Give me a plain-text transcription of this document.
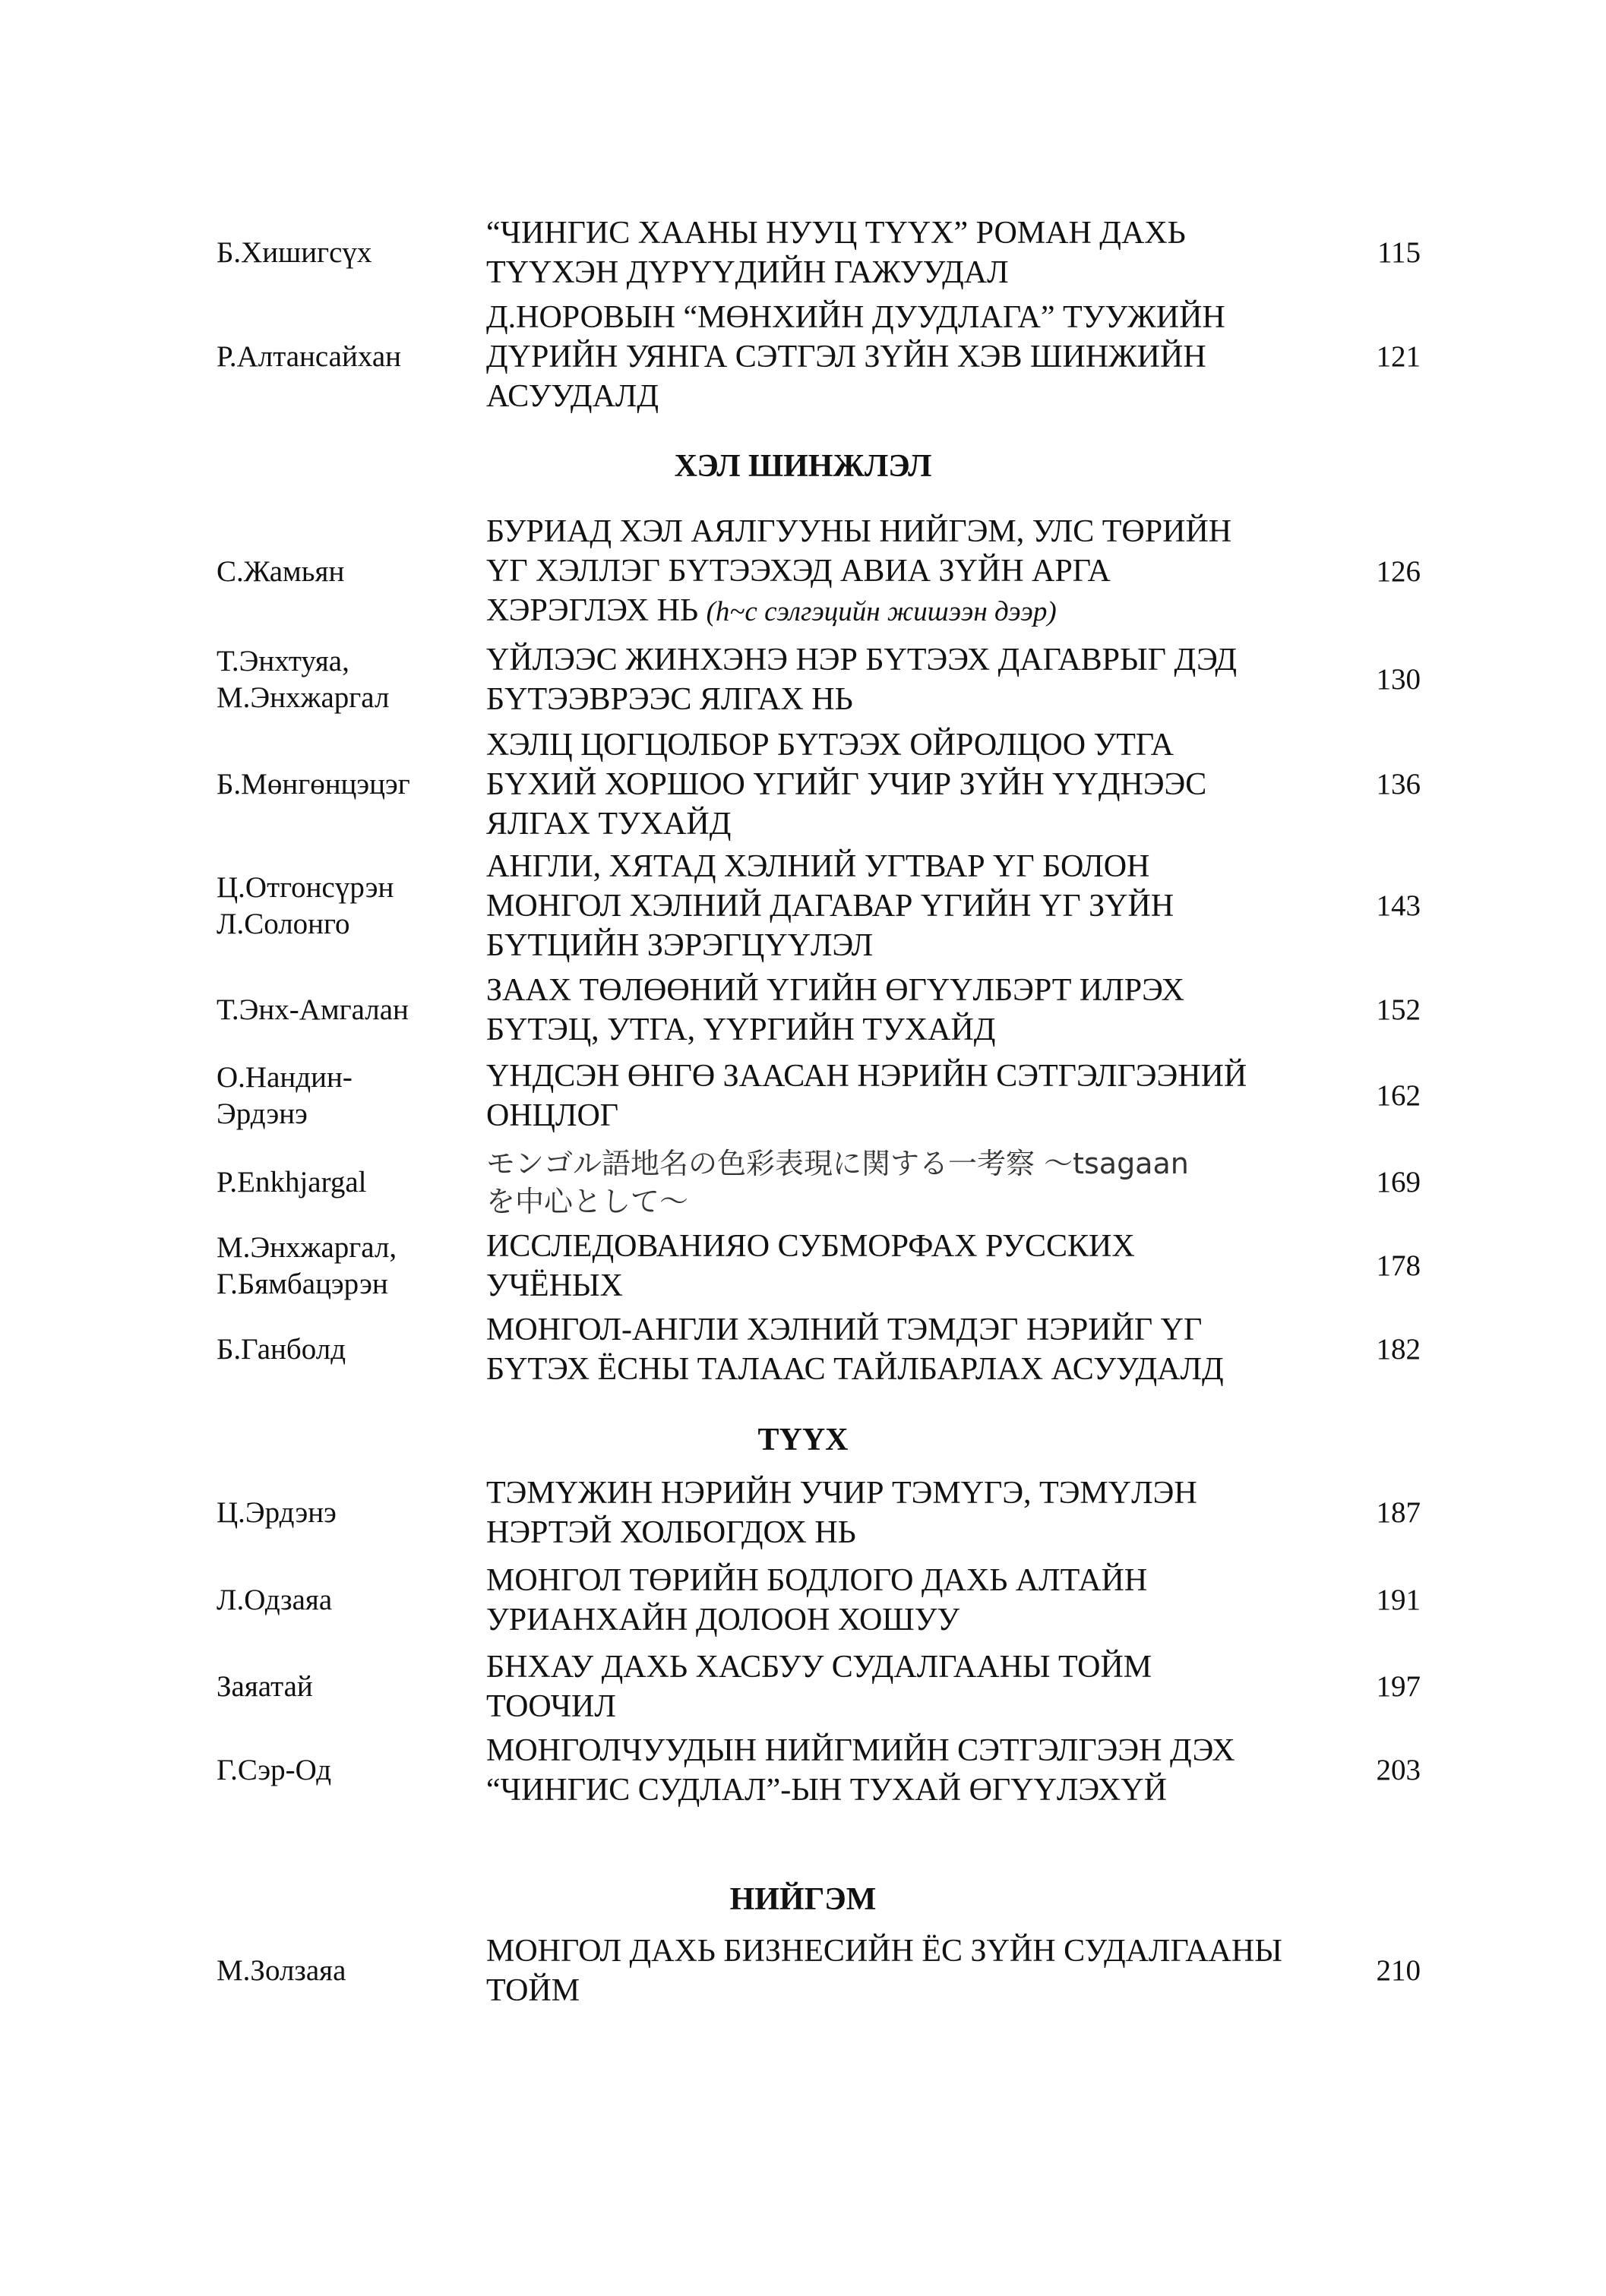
Б.Хишигсүх
“ЧИНГИС ХААНЫ НУУЦ ТҮҮХ” РОМАН ДАХЬ
ТҮҮХЭН ДҮРҮҮДИЙН ГАЖУУДАЛ
115
Р.Алтансайхан
Д.НОРОВЫН “МӨНХИЙН ДУУДЛАГА” ТУУЖИЙН
ДҮРИЙН УЯНГА СЭТГЭЛ ЗҮЙН ХЭВ ШИНЖИЙН
АСУУДАЛД
121
ХЭЛ ШИНЖЛЭЛ
С.Жамьян
БУРИАД ХЭЛ АЯЛГУУНЫ НИЙГЭМ, УЛС ТӨРИЙН
ҮГ ХЭЛЛЭГ БҮТЭЭХЭД АВИА ЗҮЙН АРГА
ХЭРЭГЛЭХ НЬ (h~с сэлгэцийн жишээн дээр)
126
Т.Энхтуяа,
М.Энхжаргал
ҮЙЛЭЭС ЖИНХЭНЭ НЭР БҮТЭЭХ ДАГАВРЫГ ДЭД
БҮТЭЭВРЭЭС ЯЛГАХ НЬ
130
Б.Мөнгөнцэцэг
ХЭЛЦ ЦОГЦОЛБОР БҮТЭЭХ ОЙРОЛЦОО УТГА
БҮХИЙ ХОРШОО ҮГИЙГ УЧИР ЗҮЙН ҮҮДНЭЭС
ЯЛГАХ ТУХАЙД
136
Ц.Отгонсүрэн
Л.Солонго
АНГЛИ, ХЯТАД ХЭЛНИЙ УГТВАР ҮГ БОЛОН
МОНГОЛ ХЭЛНИЙ ДАГАВАР ҮГИЙН ҮГ ЗҮЙН
БҮТЦИЙН ЗЭРЭГЦҮҮЛЭЛ
143
Т.Энх-Амгалан
ЗААХ ТӨЛӨӨНИЙ ҮГИЙН ӨГҮҮЛБЭРТ ИЛРЭХ
БҮТЭЦ, УТГА, ҮҮРГИЙН ТУХАЙД
152
О.Нандин-
Эрдэнэ
ҮНДСЭН ӨНГӨ ЗААСАН НЭРИЙН СЭТГЭЛГЭЭНИЙ
ОНЦЛОГ
162
P.Enkhjargal
モンゴル語地名の色彩表現に関する一考察 ～tsagaan
を中心として～
169
М.Энхжаргал,
Г.Бямбацэрэн
ИССЛЕДОВАНИЯО СУБМОРФАХ РУССКИХ
УЧЁНЫХ
178
Б.Ганболд
МОНГОЛ-АНГЛИ ХЭЛНИЙ ТЭМДЭГ НЭРИЙГ ҮГ
БҮТЭХ ЁСНЫ ТАЛААС ТАЙЛБАРЛАХ АСУУДАЛД
182
ТҮҮХ
Ц.Эрдэнэ
ТЭМҮЖИН НЭРИЙН УЧИР ТЭМҮГЭ, ТЭМҮЛЭН
НЭРТЭЙ ХОЛБОГДОХ НЬ
187
Л.Одзаяа
МОНГОЛ ТӨРИЙН БОДЛОГО ДАХЬ АЛТАЙН
УРИАНХАЙН ДОЛООН ХОШУУ
191
Заяатай
БНХАУ ДАХЬ ХАСБУУ СУДАЛГААНЫ ТОЙМ
ТООЧИЛ
197
Г.Сэр-Од
МОНГОЛЧУУДЫН НИЙГМИЙН СЭТГЭЛГЭЭН ДЭХ
“ЧИНГИС СУДЛАЛ”-ЫН ТУХАЙ ӨГҮҮЛЭХҮЙ
203
НИЙГЭМ
М.Золзаяа
МОНГОЛ ДАХЬ БИЗНЕСИЙН ЁС ЗҮЙН СУДАЛГААНЫ
ТОЙМ
210
